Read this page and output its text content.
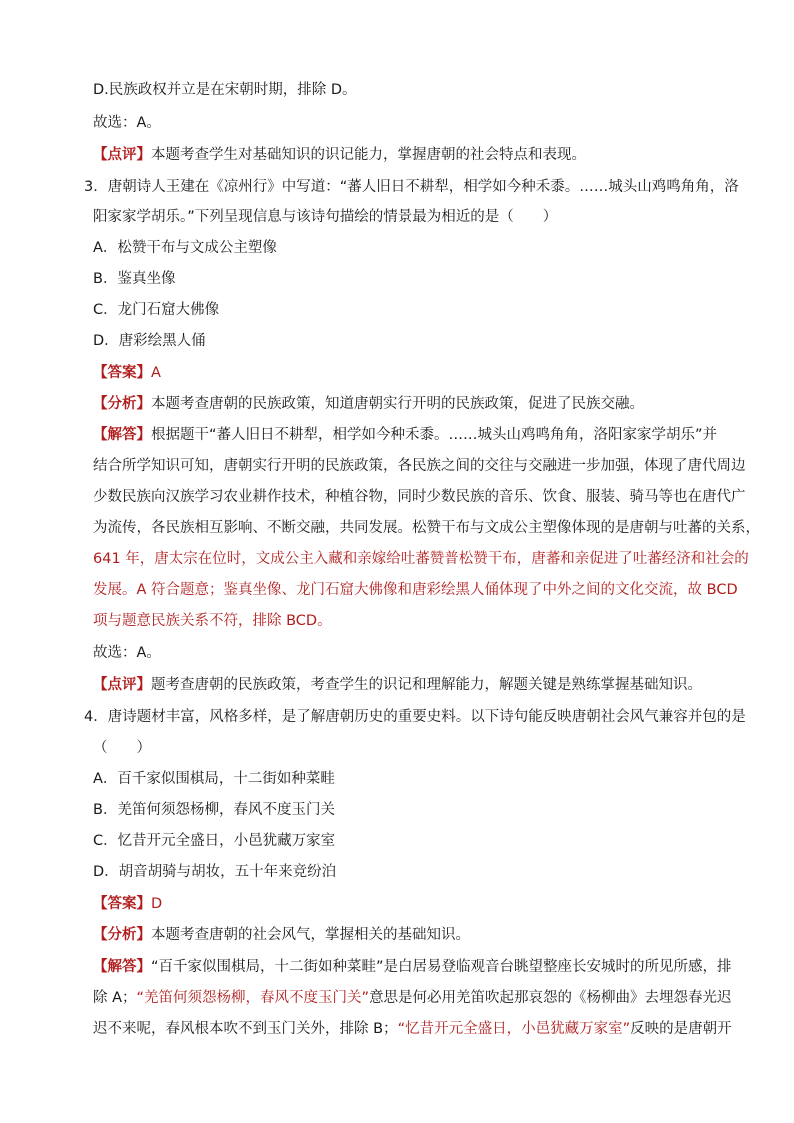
D.民族政权并立是在宋朝时期，排除 D。
故选：A。
【点评】本题考查学生对基础知识的识记能力，掌握唐朝的社会特点和表现。
3．唐朝诗人王建在《凉州行》中写道：“蕃人旧日不耕犁，相学如今种禾黍。……城头山鸡鸣角角，洛
阳家家学胡乐。”下列呈现信息与该诗句描绘的情景最为相近的是（　　）
A．松赞干布与文成公主塑像
B．鉴真坐像
C．龙门石窟大佛像
D．唐彩绘黑人俑
【答案】A
【分析】本题考查唐朝的民族政策，知道唐朝实行开明的民族政策，促进了民族交融。
【解答】根据题干“蕃人旧日不耕犁，相学如今种禾黍。……城头山鸡鸣角角，洛阳家家学胡乐”并
结合所学知识可知，唐朝实行开明的民族政策，各民族之间的交往与交融进一步加强，体现了唐代周边
少数民族向汉族学习农业耕作技术，种植谷物，同时少数民族的音乐、饮食、服装、骑马等也在唐代广
为流传，各民族相互影响、不断交融，共同发展。松赞干布与文成公主塑像体现的是唐朝与吐蕃的关系，
641 年，唐太宗在位时，文成公主入藏和亲嫁给吐蕃赞普松赞干布，唐蕃和亲促进了吐蕃经济和社会的
发展。A 符合题意；鉴真坐像、龙门石窟大佛像和唐彩绘黑人俑体现了中外之间的文化交流，故 BCD
项与题意民族关系不符，排除 BCD。
故选：A。
【点评】题考查唐朝的民族政策，考查学生的识记和理解能力，解题关键是熟练掌握基础知识。
4．唐诗题材丰富，风格多样，是了解唐朝历史的重要史料。以下诗句能反映唐朝社会风气兼容并包的是
（　　）
A．百千家似围棋局，十二街如种菜畦
B．羌笛何须怨杨柳，春风不度玉门关
C．忆昔开元全盛日，小邑犹藏万家室
D．胡音胡骑与胡妆，五十年来竞纷泊
【答案】D
【分析】本题考查唐朝的社会风气，掌握相关的基础知识。
【解答】“百千家似围棋局，十二街如种菜畦”是白居易登临观音台眺望整座长安城时的所见所感，排
除 A；“羌笛何须怨杨柳，春风不度玉门关”意思是何必用羌笛吹起那哀怨的《杨柳曲》去埋怨春光迟
迟不来呢，春风根本吹不到玉门关外，排除 B；“忆昔开元全盛日，小邑犹藏万家室”反映的是唐朝开
